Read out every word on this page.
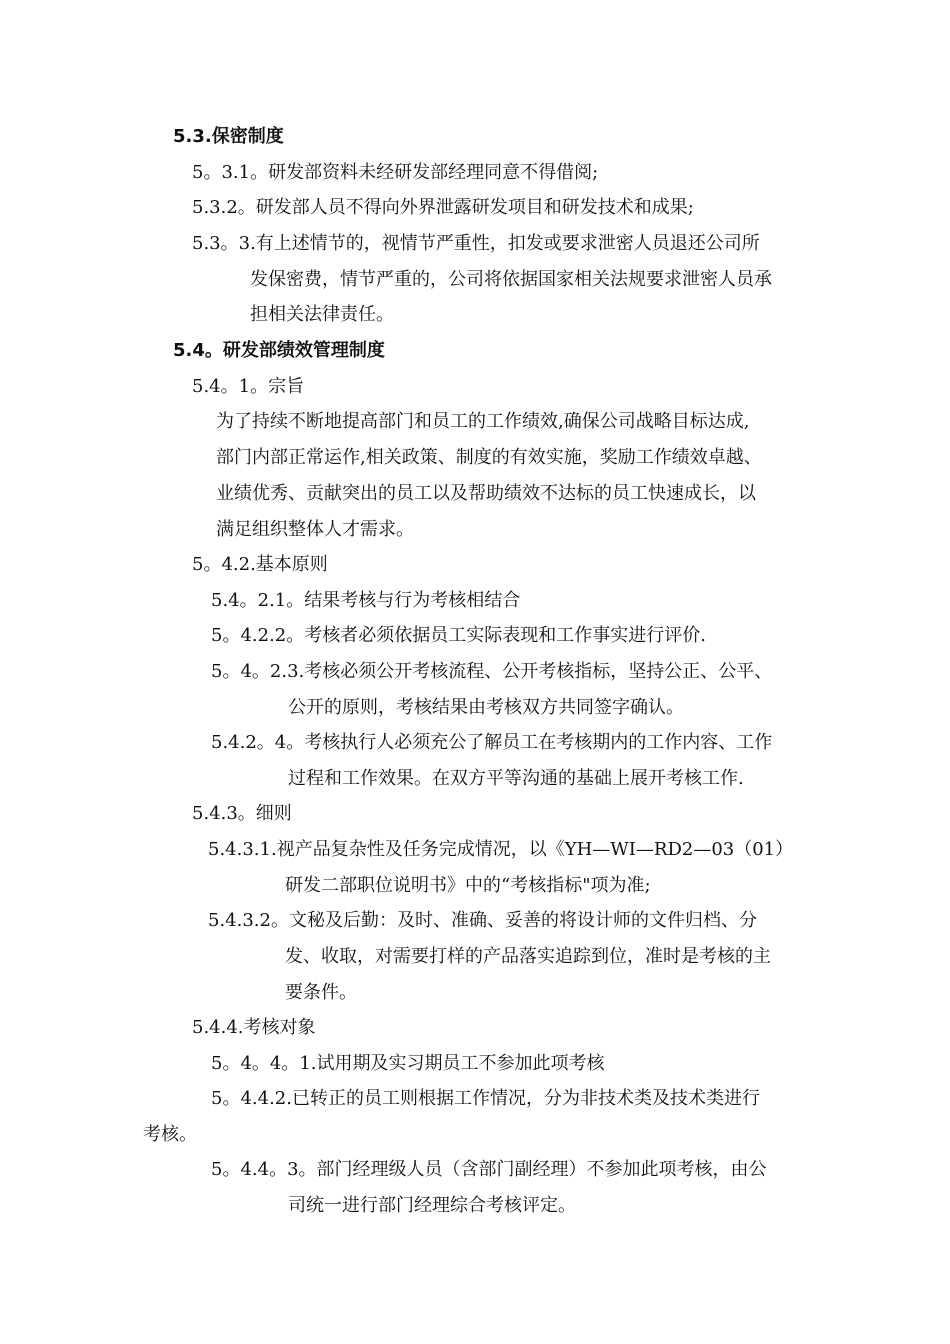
5.3.保密制度
5。3.1。研发部资料未经研发部经理同意不得借阅;
5.3.2。研发部人员不得向外界泄露研发项目和研发技术和成果;
5.3。3.有上述情节的，视情节严重性，扣发或要求泄密人员退还公司所
发保密费，情节严重的，公司将依据国家相关法规要求泄密人员承
担相关法律责任。
5.4。研发部绩效管理制度
5.4。1。宗旨
为了持续不断地提高部门和员工的工作绩效,确保公司战略目标达成,
部门内部正常运作,相关政策、制度的有效实施，奖励工作绩效卓越、
业绩优秀、贡献突出的员工以及帮助绩效不达标的员工快速成长，以
满足组织整体人才需求。
5。4.2.基本原则
5.4。2.1。结果考核与行为考核相结合
5。4.2.2。考核者必须依据员工实际表现和工作事实进行评价.
5。4。2.3.考核必须公开考核流程、公开考核指标，坚持公正、公平、
公开的原则，考核结果由考核双方共同签字确认。
5.4.2。4。考核执行人必须充公了解员工在考核期内的工作内容、工作
过程和工作效果。在双方平等沟通的基础上展开考核工作.
5.4.3。细则
5.4.3.1.视产品复杂性及任务完成情况，以《YH—WI—RD2—03（01）
研发二部职位说明书》中的“考核指标"项为准;
5.4.3.2。文秘及后勤：及时、准确、妥善的将设计师的文件归档、分
发、收取，对需要打样的产品落实追踪到位，准时是考核的主
要条件。
5.4.4.考核对象
5。4。4。1.试用期及实习期员工不参加此项考核
5。4.4.2.已转正的员工则根据工作情况，分为非技术类及技术类进行
考核。
5。4.4。3。部门经理级人员（含部门副经理）不参加此项考核，由公
司统一进行部门经理综合考核评定。
